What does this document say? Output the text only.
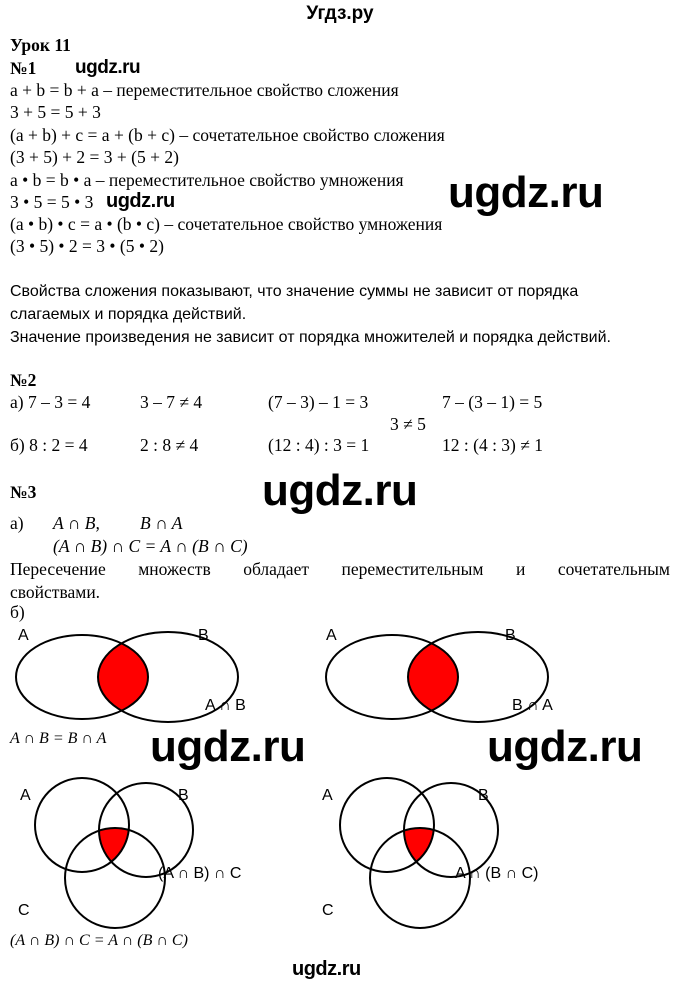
Угдз.ру
Урок 11
№1 ugdz.ru
a + b = b + a – переместительное свойство сложения
3 + 5 = 5 + 3
(a + b) + c = a + (b + c) – сочетательное свойство сложения
(3 + 5) + 2 = 3 + (5 + 2)
a • b = b • a – переместительное свойство умножения
3 • 5 = 5 • 3 ugdz.ru	ugdz.ru
(a • b) • c = a • (b • c) – сочетательное свойство умножения
(3 • 5) • 2 = 3 • (5 • 2)
Свойства сложения показывают, что значение суммы не зависит от порядка
слагаемых и порядка действий.
Значение произведения не зависит от порядка множителей и порядка действий.
№2
а) 7 – 3 = 4	3 – 7 ≠ 4	(7 – 3) – 1 = 3	7 – (3 – 1) = 5
3 ≠ 5
б) 8 : 2 = 4	2 : 8 ≠ 4	(12 : 4) : 3 = 1	12 : (4 : 3) ≠ 1
№3	ugdz.ru
а) A ∩ B, B ∩ A
(A ∩ B) ∩ C = A ∩ (B ∩ C)
Пересечение множеств обладает переместительным и сочетательным
свойствами.
б)
A	B
A ∩ B
A	B
B ∩ A
A ∩ B = B ∩ A
A	B
C
(A ∩ B) ∩ C
A	B
C
A ∩ (B ∩ C)
(A ∩ B) ∩ C = A ∩ (B ∩ C)
ugdz.ru	ugdz.ru
ugdz.ru
